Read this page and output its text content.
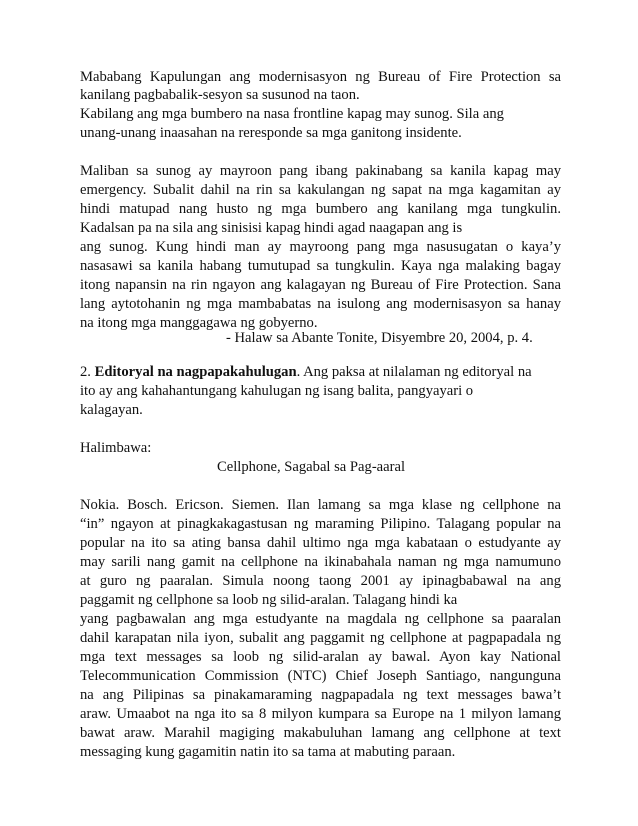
Mababang Kapulungan ang modernisasyon ng Bureau of Fire Protection sa
kanilang pagbabalik-sesyon sa susunod na taon.
Kabilang ang mga bumbero na nasa frontline kapag may sunog. Sila ang
unang-unang inaasahan na reresponde sa mga ganitong insidente.
Maliban sa sunog ay mayroon pang ibang pakinabang sa kanila kapag may
emergency. Subalit dahil na rin sa kakulangan ng sapat na mga kagamitan ay
hindi matupad nang husto ng mga bumbero ang kanilang mga tungkulin.
Kadalsan pa na sila ang sinisisi kapag hindi agad naagapan ang is
ang sunog. Kung hindi man ay mayroong pang mga nasusugatan o kaya’y
nasasawi sa kanila habang tumutupad sa tungkulin. Kaya nga malaking bagay
itong napansin na rin ngayon ang kalagayan ng Bureau of Fire Protection. Sana
lang aytotohanin ng mga mambabatas na isulong ang modernisasyon sa hanay
na itong mga manggagawa ng gobyerno.
- Halaw sa Abante Tonite, Disyembre 20, 2004, p. 4.
2. Editoryal na nagpapakahulugan. Ang paksa at nilalaman ng editoryal na
ito ay ang kahahantungang kahulugan ng isang balita, pangyayari o
kalagayan.
Halimbawa:
Cellphone, Sagabal sa Pag-aaral
Nokia. Bosch. Ericson. Siemen. Ilan lamang sa mga klase ng cellphone na
“in” ngayon at pinagkakagastusan ng maraming Pilipino. Talagang popular na
popular na ito sa ating bansa dahil ultimo nga mga kabataan o estudyante ay
may sarili nang gamit na cellphone na ikinabahala naman ng mga namumuno
at guro ng paaralan. Simula noong taong 2001 ay ipinagbabawal na ang
paggamit ng cellphone sa loob ng silid-aralan. Talagang hindi ka
yang pagbawalan ang mga estudyante na magdala ng cellphone sa paaralan
dahil karapatan nila iyon, subalit ang paggamit ng cellphone at pagpapadala ng
mga text messages sa loob ng silid-aralan ay bawal. Ayon kay National
Telecommunication Commission (NTC) Chief Joseph Santiago, nangunguna
na ang Pilipinas sa pinakamaraming nagpapadala ng text messages bawa’t
araw. Umaabot na nga ito sa 8 milyon kumpara sa Europe na 1 milyon lamang
bawat araw. Marahil magiging makabuluhan lamang ang cellphone at text
messaging kung gagamitin natin ito sa tama at mabuting paraan.
